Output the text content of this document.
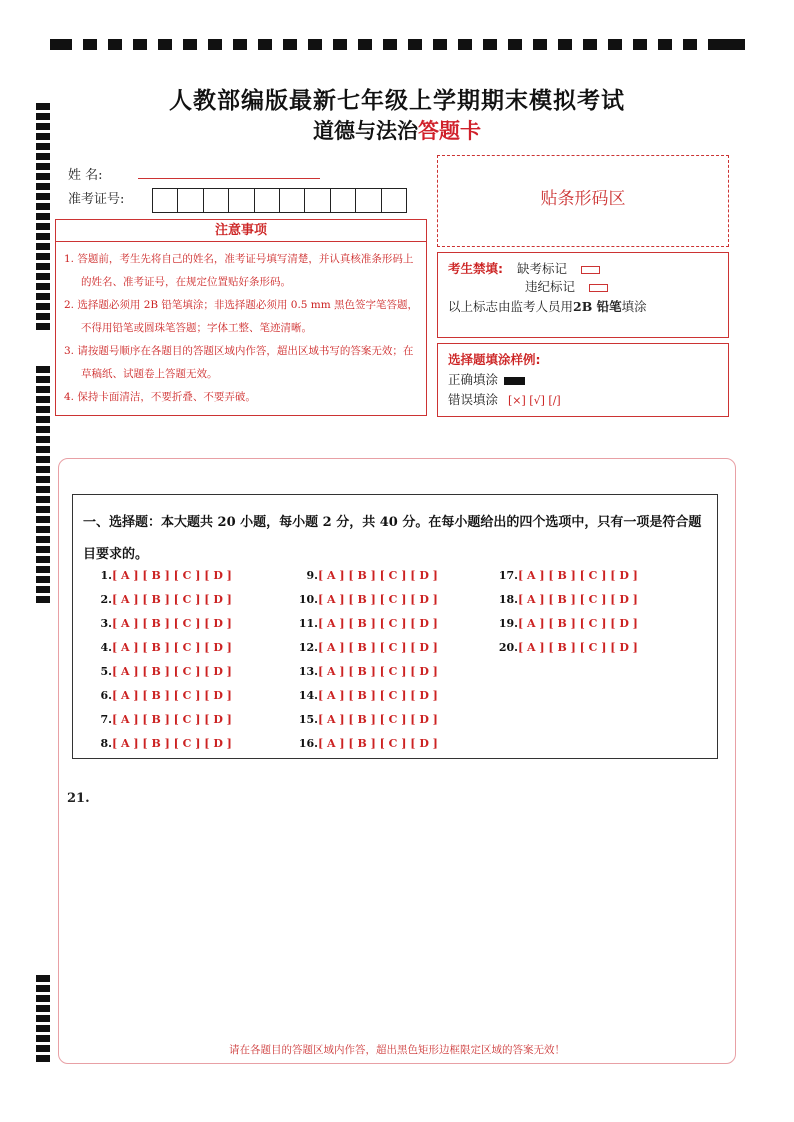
人教部编版最新七年级上学期期末模拟考试
道德与法治答题卡
姓 名:
准考证号:
注意事项
1. 答题前，考生先将自己的姓名，准考证号填写清楚，并认真核准条形码上的姓名、准考证号，在规定位置贴好条形码。
2. 选择题必须用 2B 铅笔填涂；非选择题必须用 0.5 mm 黑色签字笔答题，不得用铅笔或圆珠笔答题；字体工整、笔迹清晰。
3. 请按题号顺序在各题目的答题区域内作答，超出区域书写的答案无效；在草稿纸、试题卷上答题无效。
4. 保持卡面清洁，不要折叠、不要弄破。
贴条形码区
考生禁填: 缺考标记
违纪标记
以上标志由监考人员用2B 铅笔填涂
选择题填涂样例:
正确填涂
错误填涂 [×] [√] [/]
一、选择题：本大题共 20 小题，每小题 2 分，共 40 分。在每小题给出的四个选项中，只有一项是符合题目要求的。
1.[ A ] [ B ] [ C ] [ D ]
2.[ A ] [ B ] [ C ] [ D ]
3.[ A ] [ B ] [ C ] [ D ]
4.[ A ] [ B ] [ C ] [ D ]
5.[ A ] [ B ] [ C ] [ D ]
6.[ A ] [ B ] [ C ] [ D ]
7.[ A ] [ B ] [ C ] [ D ]
8.[ A ] [ B ] [ C ] [ D ]
9.[ A ] [ B ] [ C ] [ D ]
10.[ A ] [ B ] [ C ] [ D ]
11.[ A ] [ B ] [ C ] [ D ]
12.[ A ] [ B ] [ C ] [ D ]
13.[ A ] [ B ] [ C ] [ D ]
14.[ A ] [ B ] [ C ] [ D ]
15.[ A ] [ B ] [ C ] [ D ]
16.[ A ] [ B ] [ C ] [ D ]
17.[ A ] [ B ] [ C ] [ D ]
18.[ A ] [ B ] [ C ] [ D ]
19.[ A ] [ B ] [ C ] [ D ]
20.[ A ] [ B ] [ C ] [ D ]
21.
请在各题目的答题区域内作答，超出黑色矩形边框限定区域的答案无效！
